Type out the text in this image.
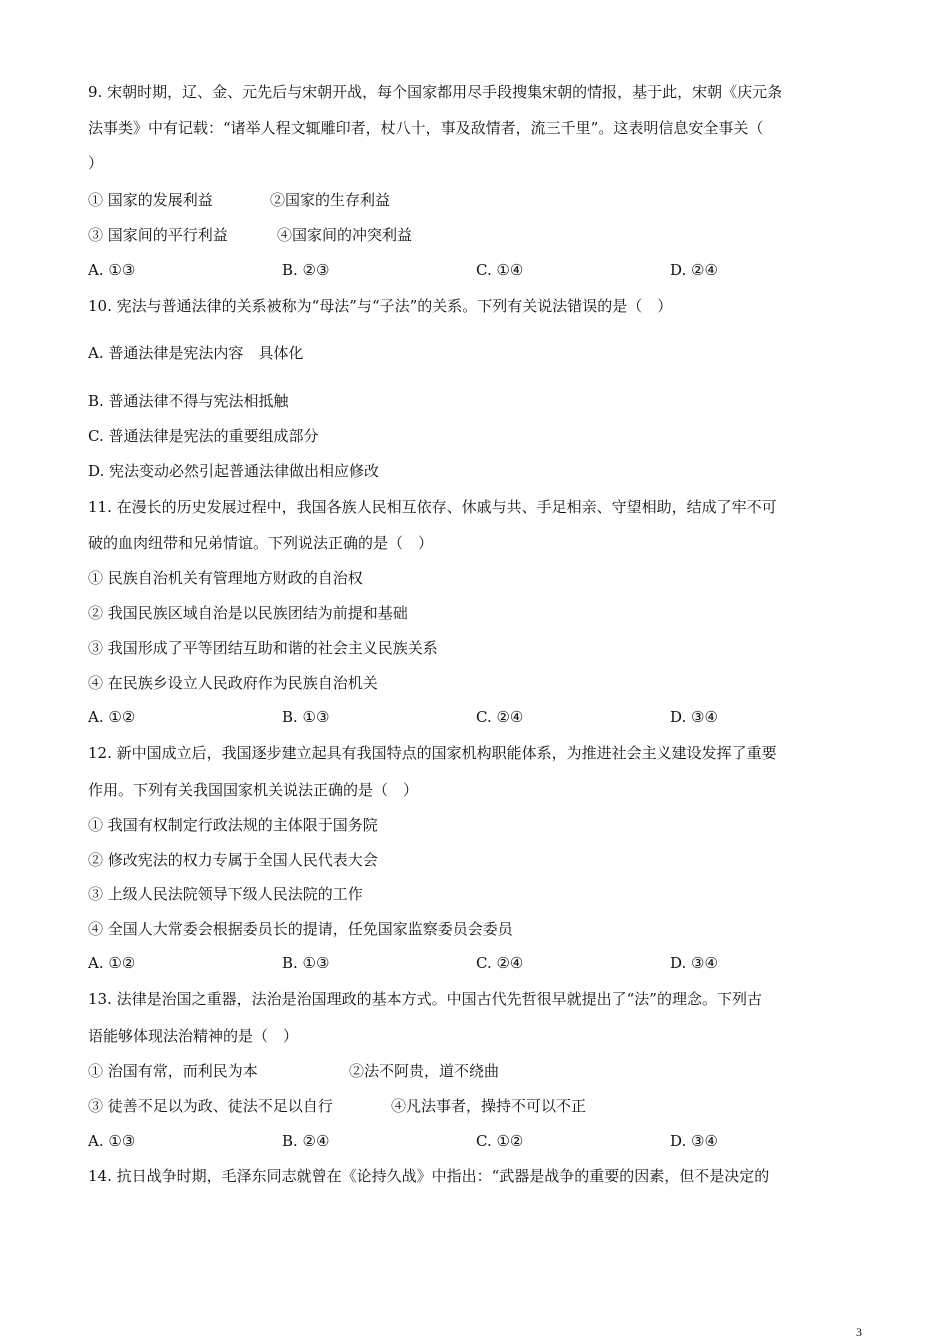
9. 宋朝时期，辽、金、元先后与宋朝开战，每个国家都用尽手段搜集宋朝的情报，基于此，宋朝《庆元条
法事类》中有记载：“诸举人程文辄雕印者，杖八十，事及敌情者，流三千里”。这表明信息安全事关（
）
① 国家的发展利益	②国家的生存利益
③ 国家间的平行利益	④国家间的冲突利益
A. ①③	B. ②③	C. ①④	D. ②④
10. 宪法与普通法律的关系被称为“母法”与“子法”的关系。下列有关说法错误的是（　）
A. 普通法律是宪法内容　具体化
B. 普通法律不得与宪法相抵触
C. 普通法律是宪法的重要组成部分
D. 宪法变动必然引起普通法律做出相应修改
11. 在漫长的历史发展过程中，我国各族人民相互依存、休戚与共、手足相亲、守望相助，结成了牢不可
破的血肉纽带和兄弟情谊。下列说法正确的是（　）
① 民族自治机关有管理地方财政的自治权
② 我国民族区域自治是以民族团结为前提和基础
③ 我国形成了平等团结互助和谐的社会主义民族关系
④ 在民族乡设立人民政府作为民族自治机关
A. ①②	B. ①③	C. ②④	D. ③④
12. 新中国成立后，我国逐步建立起具有我国特点的国家机构职能体系，为推进社会主义建设发挥了重要
作用。下列有关我国国家机关说法正确的是（　）
① 我国有权制定行政法规的主体限于国务院
② 修改宪法的权力专属于全国人民代表大会
③ 上级人民法院领导下级人民法院的工作
④ 全国人大常委会根据委员长的提请，任免国家监察委员会委员
A. ①②	B. ①③	C. ②④	D. ③④
13. 法律是治国之重器，法治是治国理政的基本方式。中国古代先哲很早就提出了“法”的理念。下列古
语能够体现法治精神的是（　）
① 治国有常，而利民为本	②法不阿贵，道不绕曲
③ 徒善不足以为政、徒法不足以自行	④凡法事者，操持不可以不正
A. ①③	B. ②④	C. ①②	D. ③④
14. 抗日战争时期，毛泽东同志就曾在《论持久战》中指出：“武器是战争的重要的因素，但不是决定的
3
